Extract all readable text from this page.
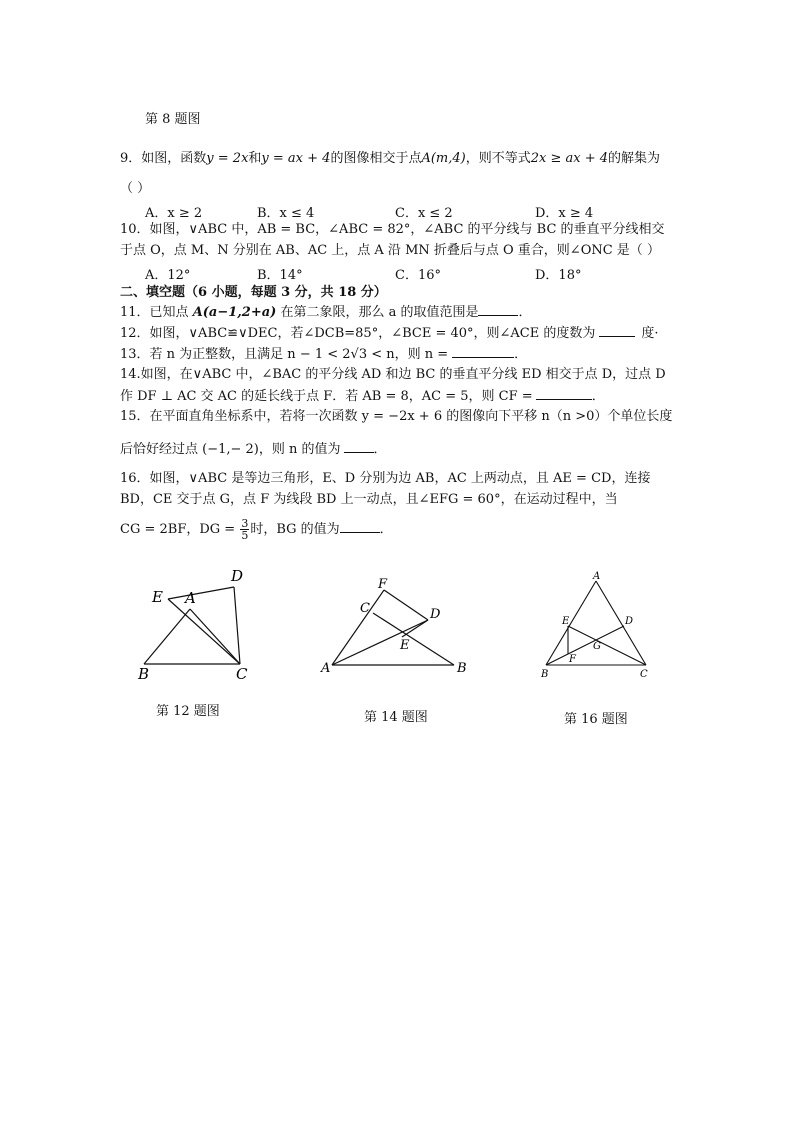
第 8 题图
9．如图，函数y = 2x和y = ax + 4的图像相交于点A(m,4)，则不等式2x ≥ ax + 4的解集为
（ ）
A．x ≥ 2	B．x ≤ 4	C．x ≤ 2	D．x ≥ 4
10．如图，∨ABC 中，AB = BC，∠ABC = 82°，∠ABC 的平分线与 BC 的垂直平分线相交
于点 O，点 M、N 分别在 AB、AC 上，点 A 沿 MN 折叠后与点 O 重合，则∠ONC 是（ ）
A．12°	B．14°	C．16°	D．18°
二、填空题（6 小题，每题 3 分，共 18 分）
11．已知点 A(a−1,2+a) 在第二象限，那么 a 的取值范围是	．
12．如图，∨ABC≌∨DEC，若∠DCB=85°，∠BCE = 40°，则∠ACE 的度数为	度·
13．若 n 为正整数，且满足 n − 1 < 2√3 < n，则 n =	．
14.如图，在∨ABC 中，∠BAC 的平分线 AD 和边 BC 的垂直平分线 ED 相交于点 D，过点 D
作 DF ⊥ AC 交 AC 的延长线于点 F．若 AB = 8，AC = 5，则 CF =	．
15．在平面直角坐标系中，若将一次函数 y = −2x + 6 的图像向下平移 n（n >0）个单位长度
后恰好经过点 (−1,− 2)，则 n 的值为	．
16．如图，∨ABC 是等边三角形，E、D 分别为边 AB，AC 上两动点，且 AE = CD，连接
BD，CE 交于点 G，点 F 为线段 BD 上一动点，且∠EFG = 60°，在运动过程中，当
CG = 2BF，DG = $\frac{3}{5}$ 时，BG 的值为	．
E A
D
B	C
第 12 题图
F
C	D
E
A	B
第 14 题图
A
E	D
G
F
B	C
第 16 题图
